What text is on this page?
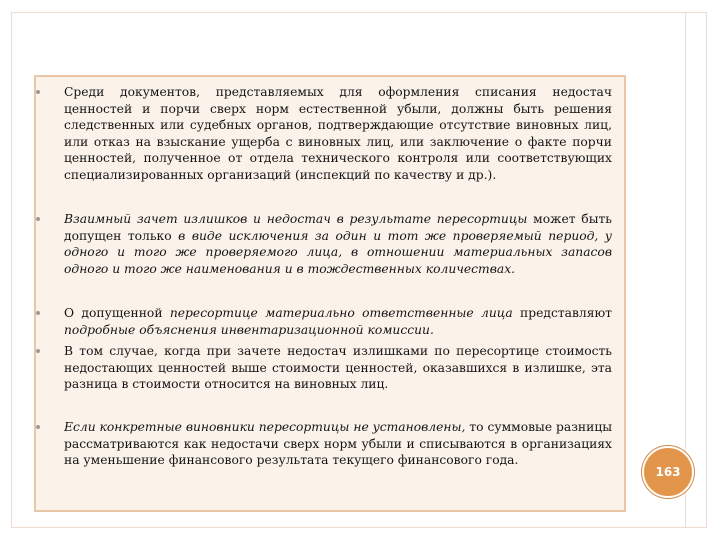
Среди документов, представляемых для оформления списания недостач ценностей и порчи сверх норм естественной убыли, должны быть решения следственных или судебных органов, подтверждающие отсутствие виновных лиц, или отказ на взыскание ущерба с виновных лиц, или заключение о факте порчи ценностей, полученное от отдела технического контроля или соответствующих специализированных организаций (инспекций по качеству и др.).
Взаимный зачет излишков и недостач в результате пересортицы может быть допущен только в виде исключения за один и тот же проверяемый период, у одного и того же проверяемого лица, в отношении материальных запасов одного и того же наименования и в тождественных количествах.
О допущенной пересортице материально ответственные лица представляют подробные объяснения инвентаризационной комиссии.
В том случае, когда при зачете недостач излишками по пересортице стоимость недостающих ценностей выше стоимости ценностей, оказавшихся в излишке, эта разница в стоимости относится на виновных лиц.
Если конкретные виновники пересортицы не установлены, то суммовые разницы рассматриваются как недостачи сверх норм убыли и списываются в организациях на уменьшение финансового результата текущего финансового года.
163
